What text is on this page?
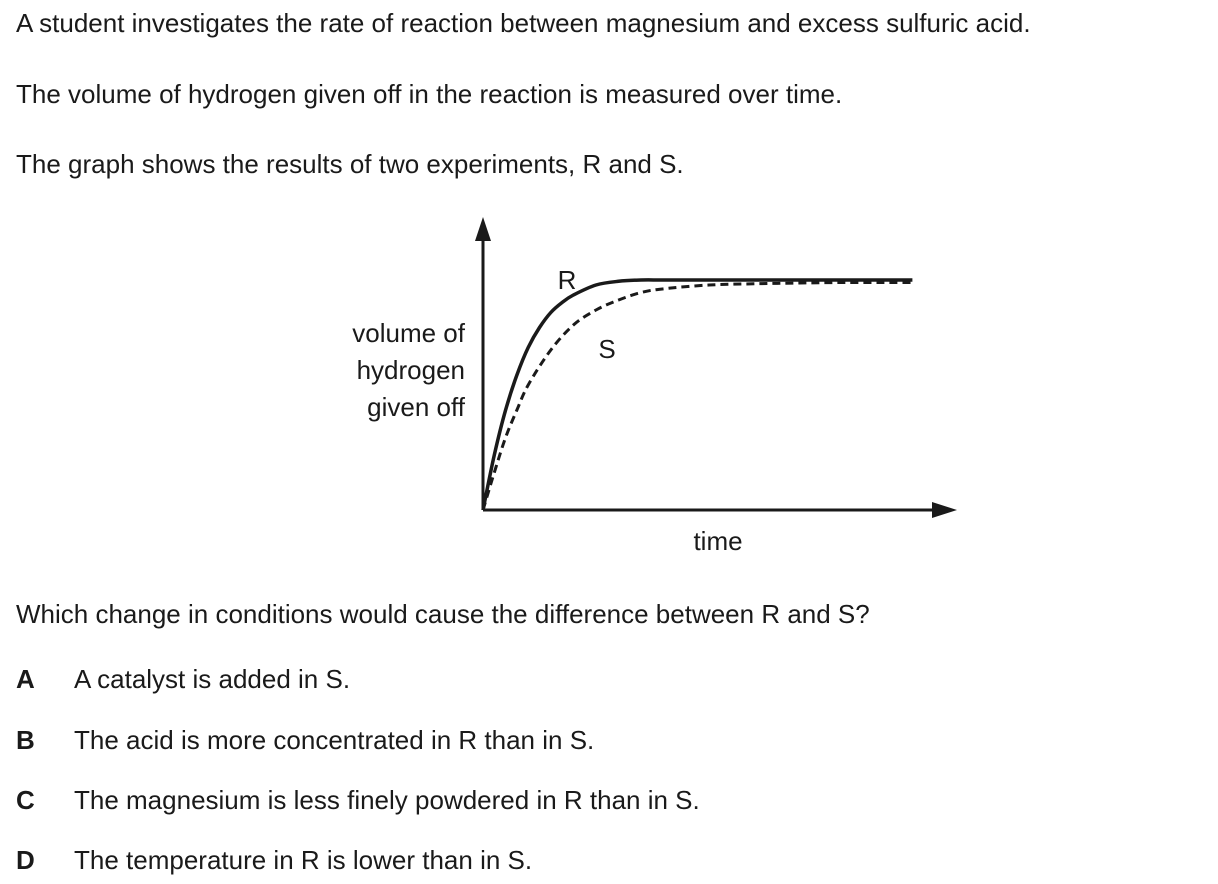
A student investigates the rate of reaction between magnesium and excess sulfuric acid.
The volume of hydrogen given off in the reaction is measured over time.
The graph shows the results of two experiments, R and S.
volume of
hydrogen
given off
time
R
S
Which change in conditions would cause the difference between R and S?
A A catalyst is added in S.
B The acid is more concentrated in R than in S.
C The magnesium is less finely powdered in R than in S.
D The temperature in R is lower than in S.
